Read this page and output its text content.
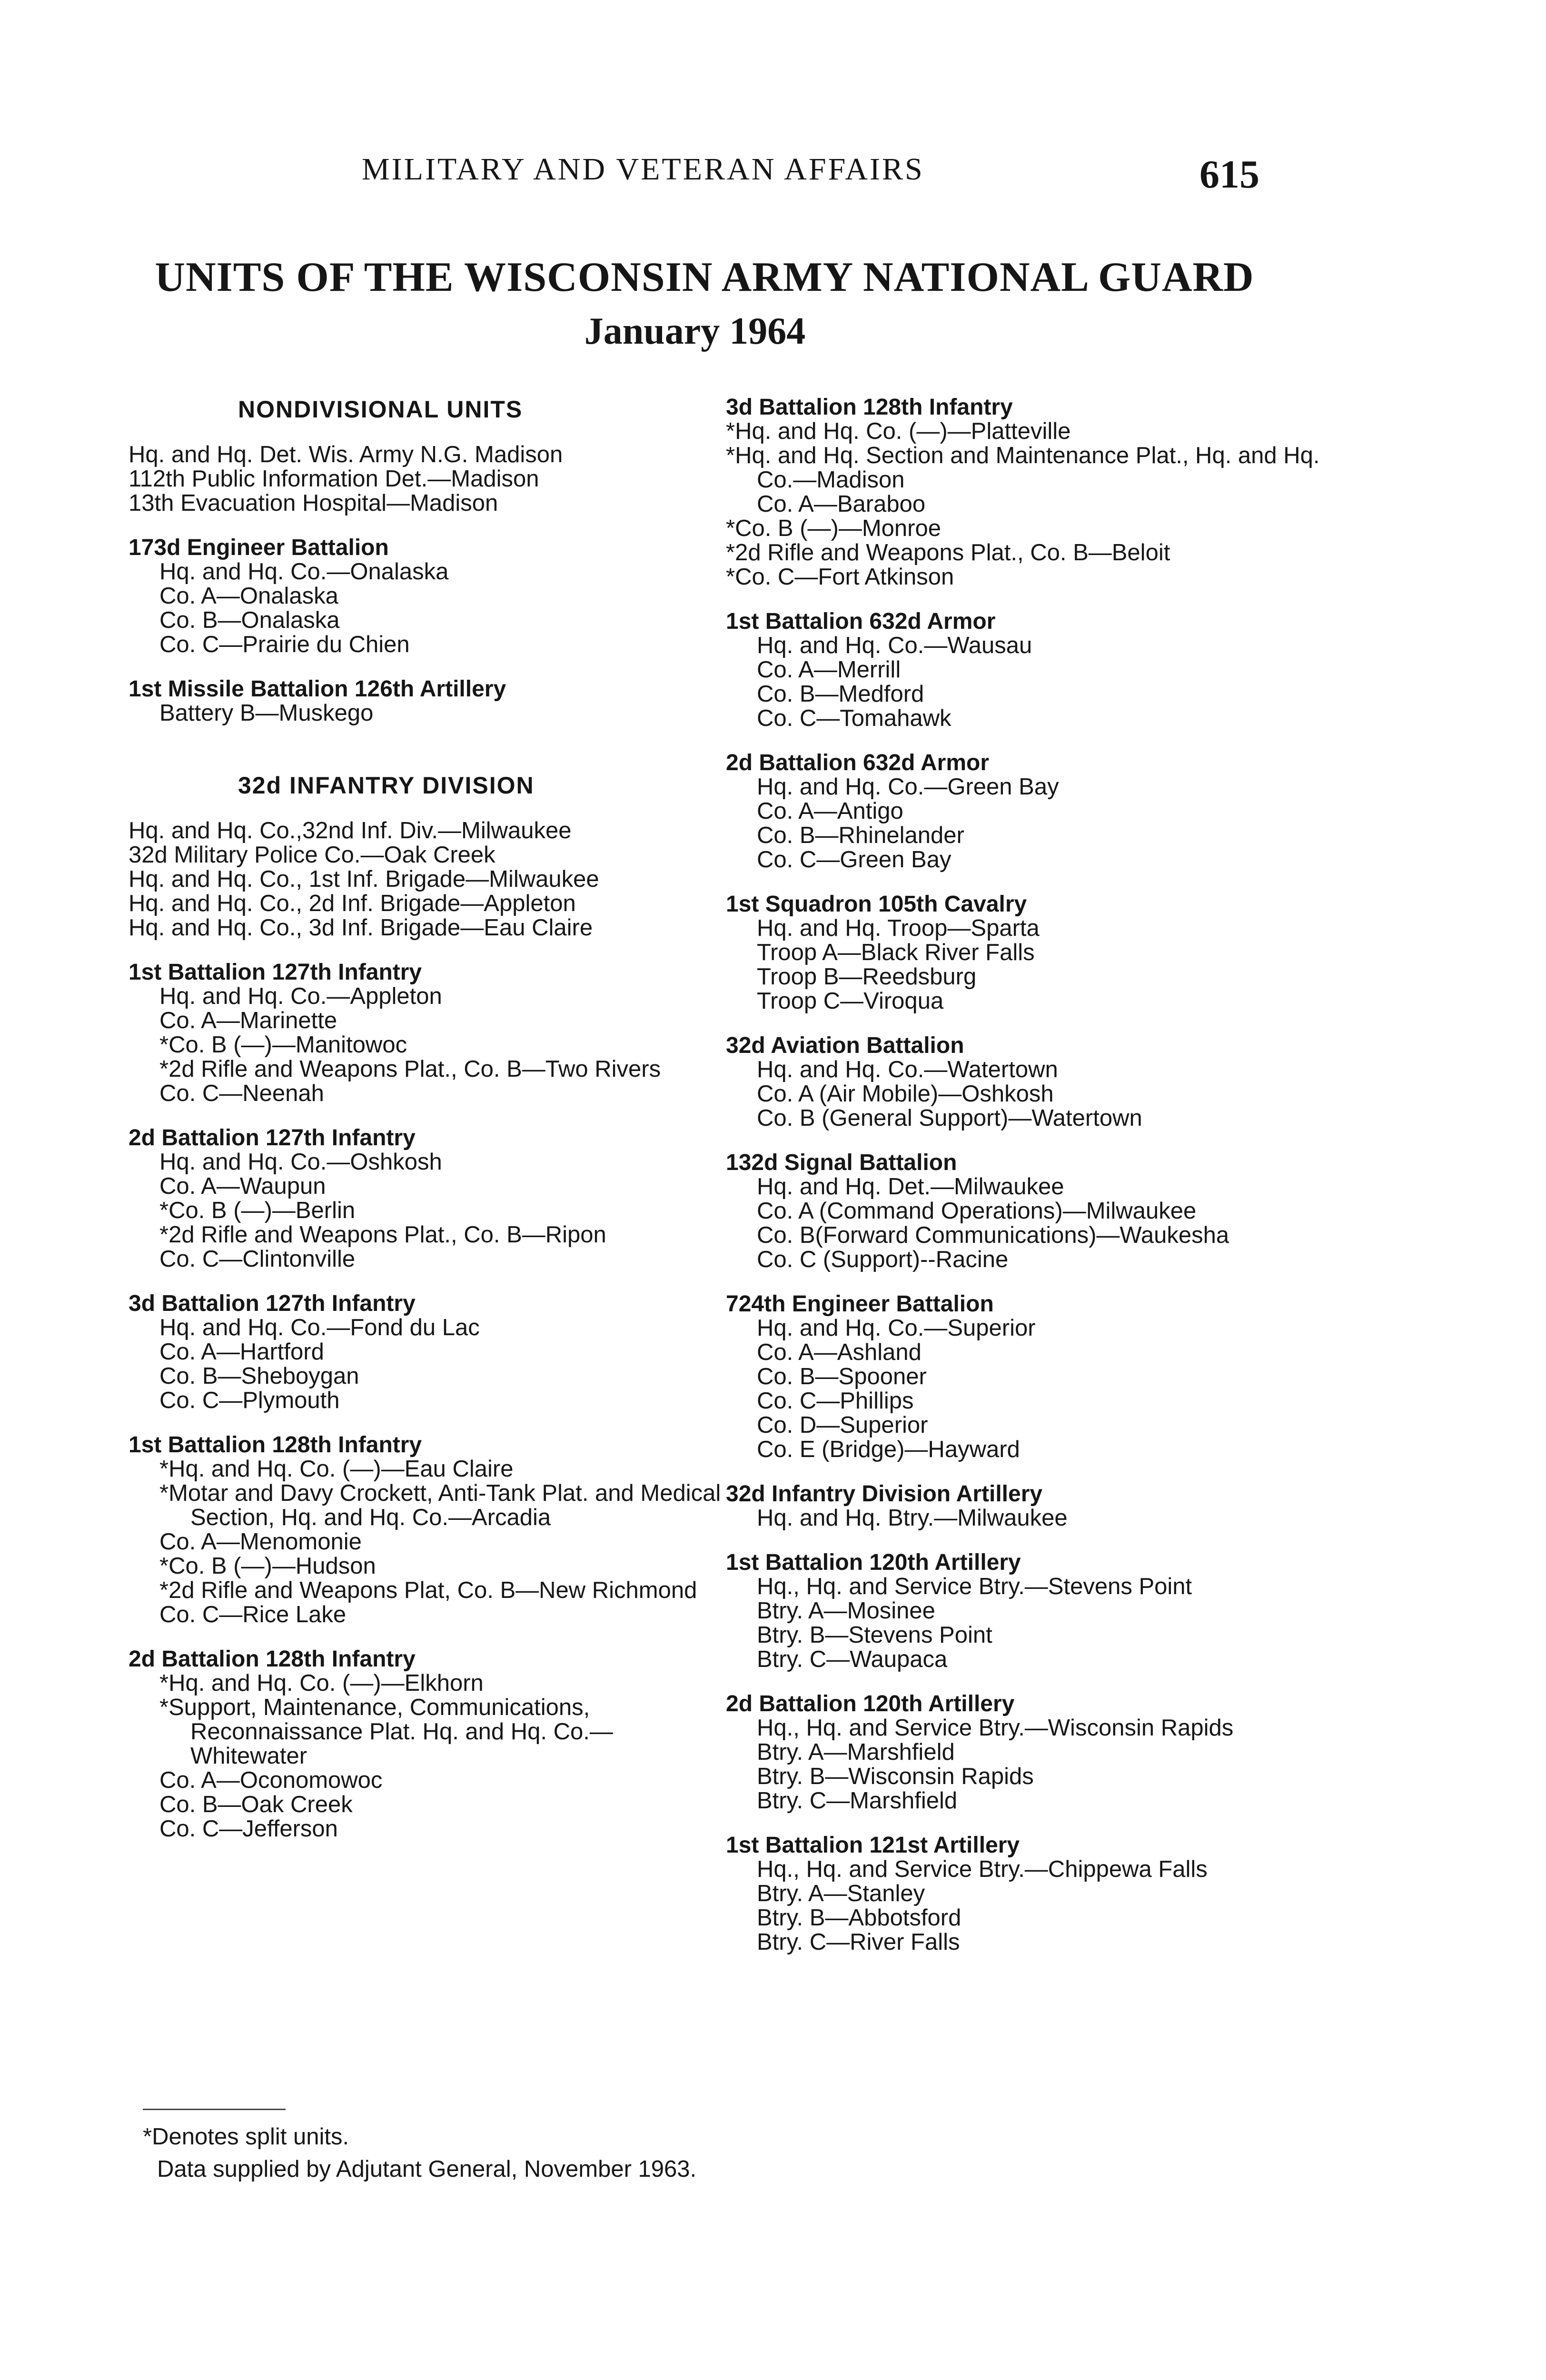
MILITARY AND VETERAN AFFAIRS	615
UNITS OF THE WISCONSIN ARMY NATIONAL GUARD
January 1964
NONDIVISIONAL UNITS
Hq. and Hq. Det. Wis. Army N.G. Madison
112th Public Information Det.—Madison
13th Evacuation Hospital—Madison
173d Engineer Battalion
Hq. and Hq. Co.—Onalaska
Co. A—Onalaska
Co. B—Onalaska
Co. C—Prairie du Chien
1st Missile Battalion 126th Artillery
Battery B—Muskego
32d INFANTRY DIVISION
Hq. and Hq. Co.,32nd Inf. Div.—Milwaukee
32d Military Police Co.—Oak Creek
Hq. and Hq. Co., 1st Inf. Brigade—Milwaukee
Hq. and Hq. Co., 2d Inf. Brigade—Appleton
Hq. and Hq. Co., 3d Inf. Brigade—Eau Claire
1st Battalion 127th Infantry
Hq. and Hq. Co.—Appleton
Co. A—Marinette
*Co. B (—)—Manitowoc
*2d Rifle and Weapons Plat., Co. B—Two Rivers
Co. C—Neenah
2d Battalion 127th Infantry
Hq. and Hq. Co.—Oshkosh
Co. A—Waupun
*Co. B (—)—Berlin
*2d Rifle and Weapons Plat., Co. B—Ripon
Co. C—Clintonville
3d Battalion 127th Infantry
Hq. and Hq. Co.—Fond du Lac
Co. A—Hartford
Co. B—Sheboygan
Co. C—Plymouth
1st Battalion 128th Infantry
*Hq. and Hq. Co. (—)—Eau Claire
*Motar and Davy Crockett, Anti-Tank Plat. and Medical Section, Hq. and Hq. Co.—Arcadia
Co. A—Menomonie
*Co. B (—)—Hudson
*2d Rifle and Weapons Plat, Co. B—New Richmond
Co. C—Rice Lake
2d Battalion 128th Infantry
*Hq. and Hq. Co. (—)—Elkhorn
*Support, Maintenance, Communications, Reconnaissance Plat. Hq. and Hq. Co.—Whitewater
Co. A—Oconomowoc
Co. B—Oak Creek
Co. C—Jefferson
3d Battalion 128th Infantry
*Hq. and Hq. Co. (—)—Platteville
*Hq. and Hq. Section and Maintenance Plat., Hq. and Hq. Co.—Madison
Co. A—Baraboo
*Co. B (—)—Monroe
*2d Rifle and Weapons Plat., Co. B—Beloit
*Co. C—Fort Atkinson
1st Battalion 632d Armor
Hq. and Hq. Co.—Wausau
Co. A—Merrill
Co. B—Medford
Co. C—Tomahawk
2d Battalion 632d Armor
Hq. and Hq. Co.—Green Bay
Co. A—Antigo
Co. B—Rhinelander
Co. C—Green Bay
1st Squadron 105th Cavalry
Hq. and Hq. Troop—Sparta
Troop A—Black River Falls
Troop B—Reedsburg
Troop C—Viroqua
32d Aviation Battalion
Hq. and Hq. Co.—Watertown
Co. A (Air Mobile)—Oshkosh
Co. B (General Support)—Watertown
132d Signal Battalion
Hq. and Hq. Det.—Milwaukee
Co. A (Command Operations)—Milwaukee
Co. B(Forward Communications)—Waukesha
Co. C (Support)--Racine
724th Engineer Battalion
Hq. and Hq. Co.—Superior
Co. A—Ashland
Co. B—Spooner
Co. C—Phillips
Co. D—Superior
Co. E (Bridge)—Hayward
32d Infantry Division Artillery
Hq. and Hq. Btry.—Milwaukee
1st Battalion 120th Artillery
Hq., Hq. and Service Btry.—Stevens Point
Btry. A—Mosinee
Btry. B—Stevens Point
Btry. C—Waupaca
2d Battalion 120th Artillery
Hq., Hq. and Service Btry.—Wisconsin Rapids
Btry. A—Marshfield
Btry. B—Wisconsin Rapids
Btry. C—Marshfield
1st Battalion 121st Artillery
Hq., Hq. and Service Btry.—Chippewa Falls
Btry. A—Stanley
Btry. B—Abbotsford
Btry. C—River Falls
*Denotes split units.
Data supplied by Adjutant General, November 1963.
